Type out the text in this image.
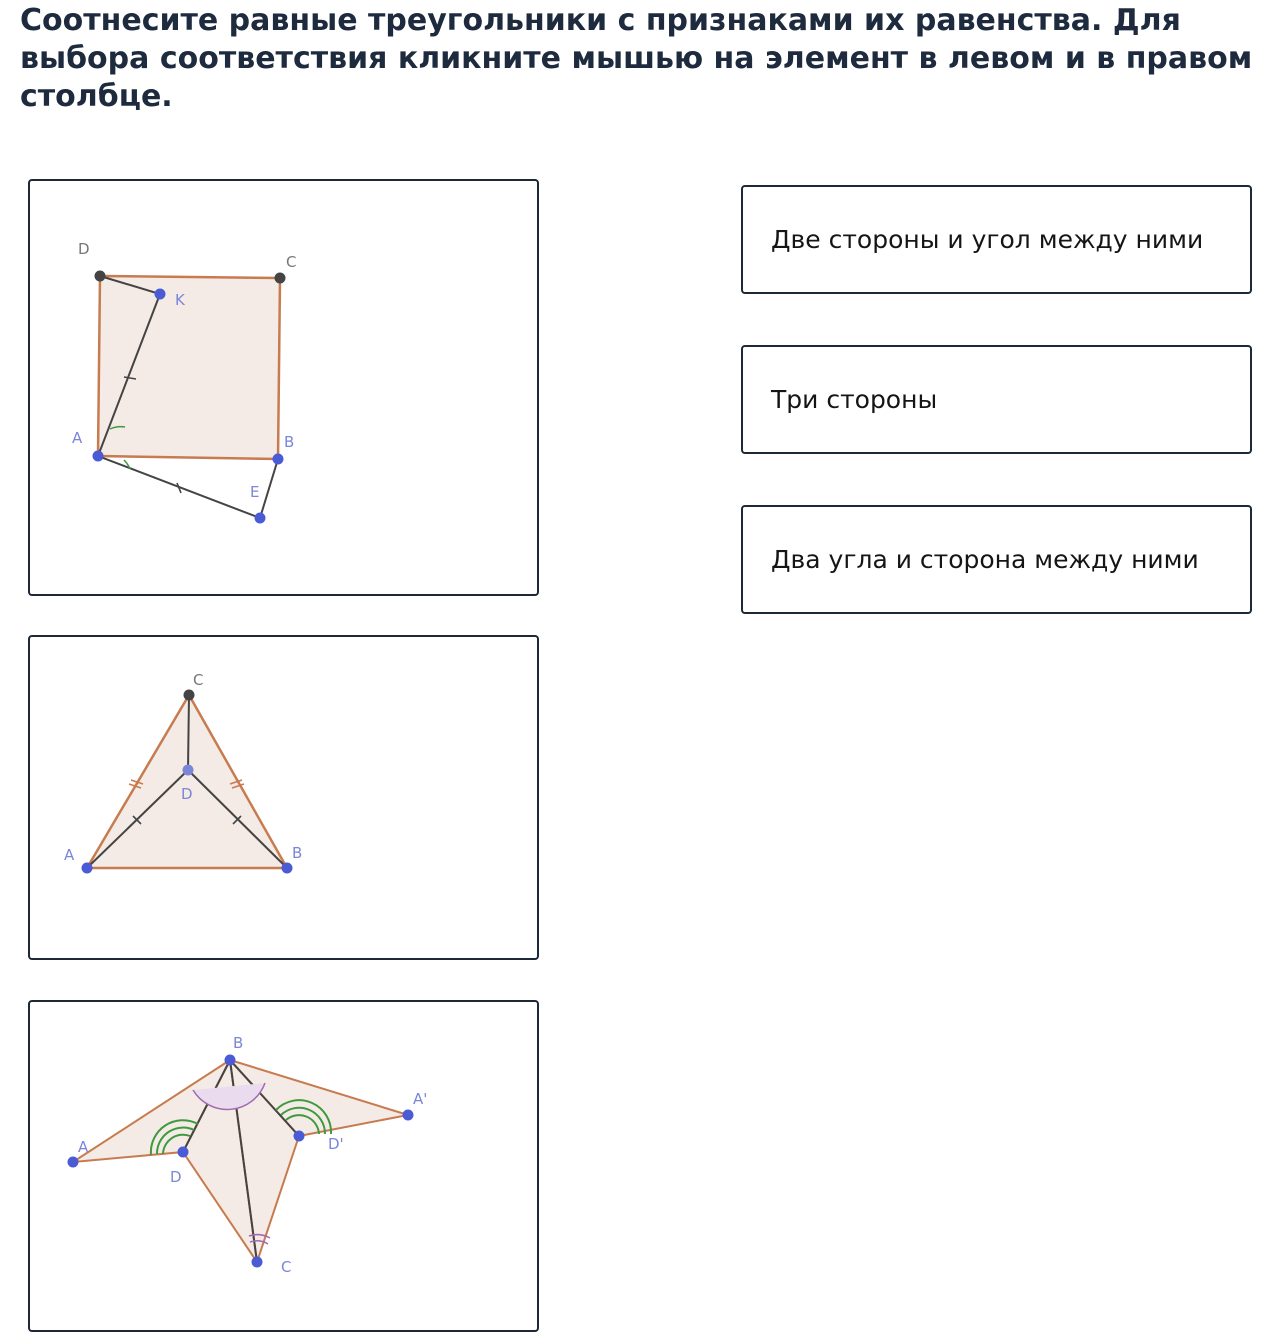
Соотнесите равные треугольники с признаками их равенства. Для выбора соответствия кликните мышью на элемент в левом и в правом столбце.
D
C
K
A	B
E
C
D
A	B
B
A
D
D'
A'
C
Две стороны и угол между ними
Три стороны
Два угла и сторона между ними
